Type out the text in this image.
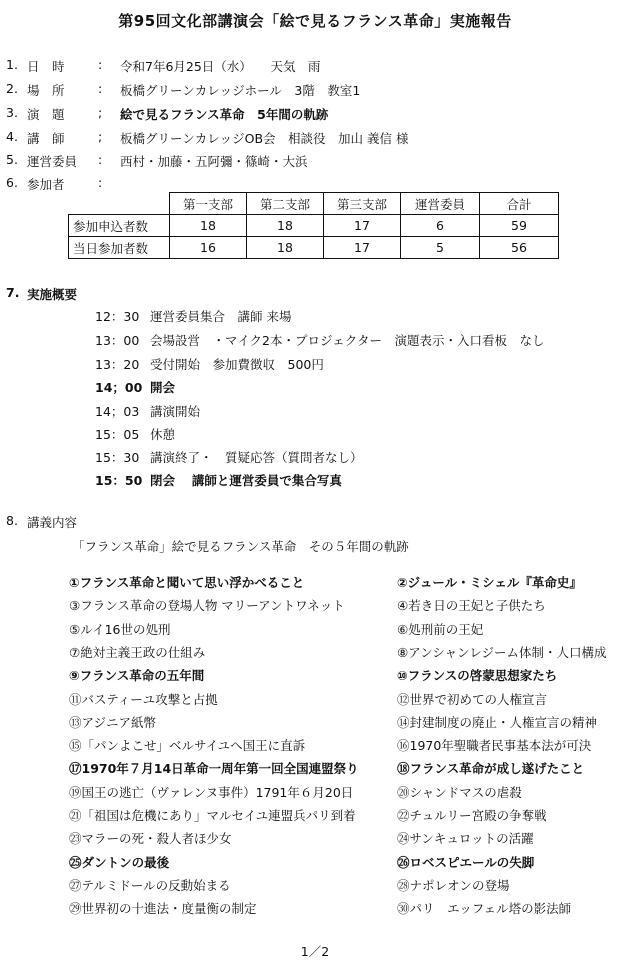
第95回文化部講演会「絵で見るフランス革命」実施報告
1. 日　時	: 令和7年6月25日（水）　　天気　雨
2. 場　所	: 板橋グリーンカレッジホール　3階　教室1
3. 演　題	; 絵で見るフランス革命　5年間の軌跡
4. 講　師	; 板橋グリーンカレッジOB会　相談役　加山 義信 様
5. 運営委員 : 西村・加藤・五阿彌・篠崎・大浜
6. 参加者	:
	第一支部	第二支部	第三支部	運営委員	合計
参加申込者数	18	18	17	6	59
当日参加者数	16	18	17	5	56
7. 実施概要
12：30 運営委員集合　講師 来場
13：00 会場設営　・マイク2本・プロジェクター　演題表示・入口看板　なし
13：20 受付開始　参加費徴収　500円
14；00 開会
14；03 講演開始
15：05 休憩
15：30 講演終了・　質疑応答（質問者なし）
15：50 閉会　 講師と運営委員で集合写真
8. 講義内容
「フランス革命」絵で見るフランス革命　その５年間の軌跡
①フランス革命と聞いて思い浮かべること	②ジュール・ミシェル『革命史』
③フランス革命の登場人物 マリーアントワネット	④若き日の王妃と子供たち
⑤ルイ16世の処刑	⑥処刑前の王妃
⑦絶対主義王政の仕組み	⑧アンシャンレジーム体制・人口構成
⑨フランス革命の五年間	⑩フランスの啓蒙思想家たち
⑪バスティーユ攻撃と占拠	⑫世界で初めての人権宣言
⑬アジニア紙幣	⑭封建制度の廃止・人権宣言の精神
⑮「パンよこせ」ベルサイユへ国王に直訴	⑯1970年聖職者民事基本法が可決
⑰1970年７月14日革命一周年第一回全国連盟祭り	⑱フランス革命が成し遂げたこと
⑲国王の逃亡（ヴァレンヌ事件）1791年６月20日	⑳シャンドマスの虐殺
㉑「祖国は危機にあり」マルセイユ連盟兵パリ到着	㉒チュルリー宮殿の争奪戦
㉓マラーの死・殺人者ほ少女	㉔サンキュロットの活躍
㉕ダントンの最後	㉖ロベスピエールの失脚
㉗テルミドールの反動始まる	㉘ナポレオンの登場
㉙世界初の十進法・度量衡の制定	㉚パリ　エッフェル塔の影法師
1／2
